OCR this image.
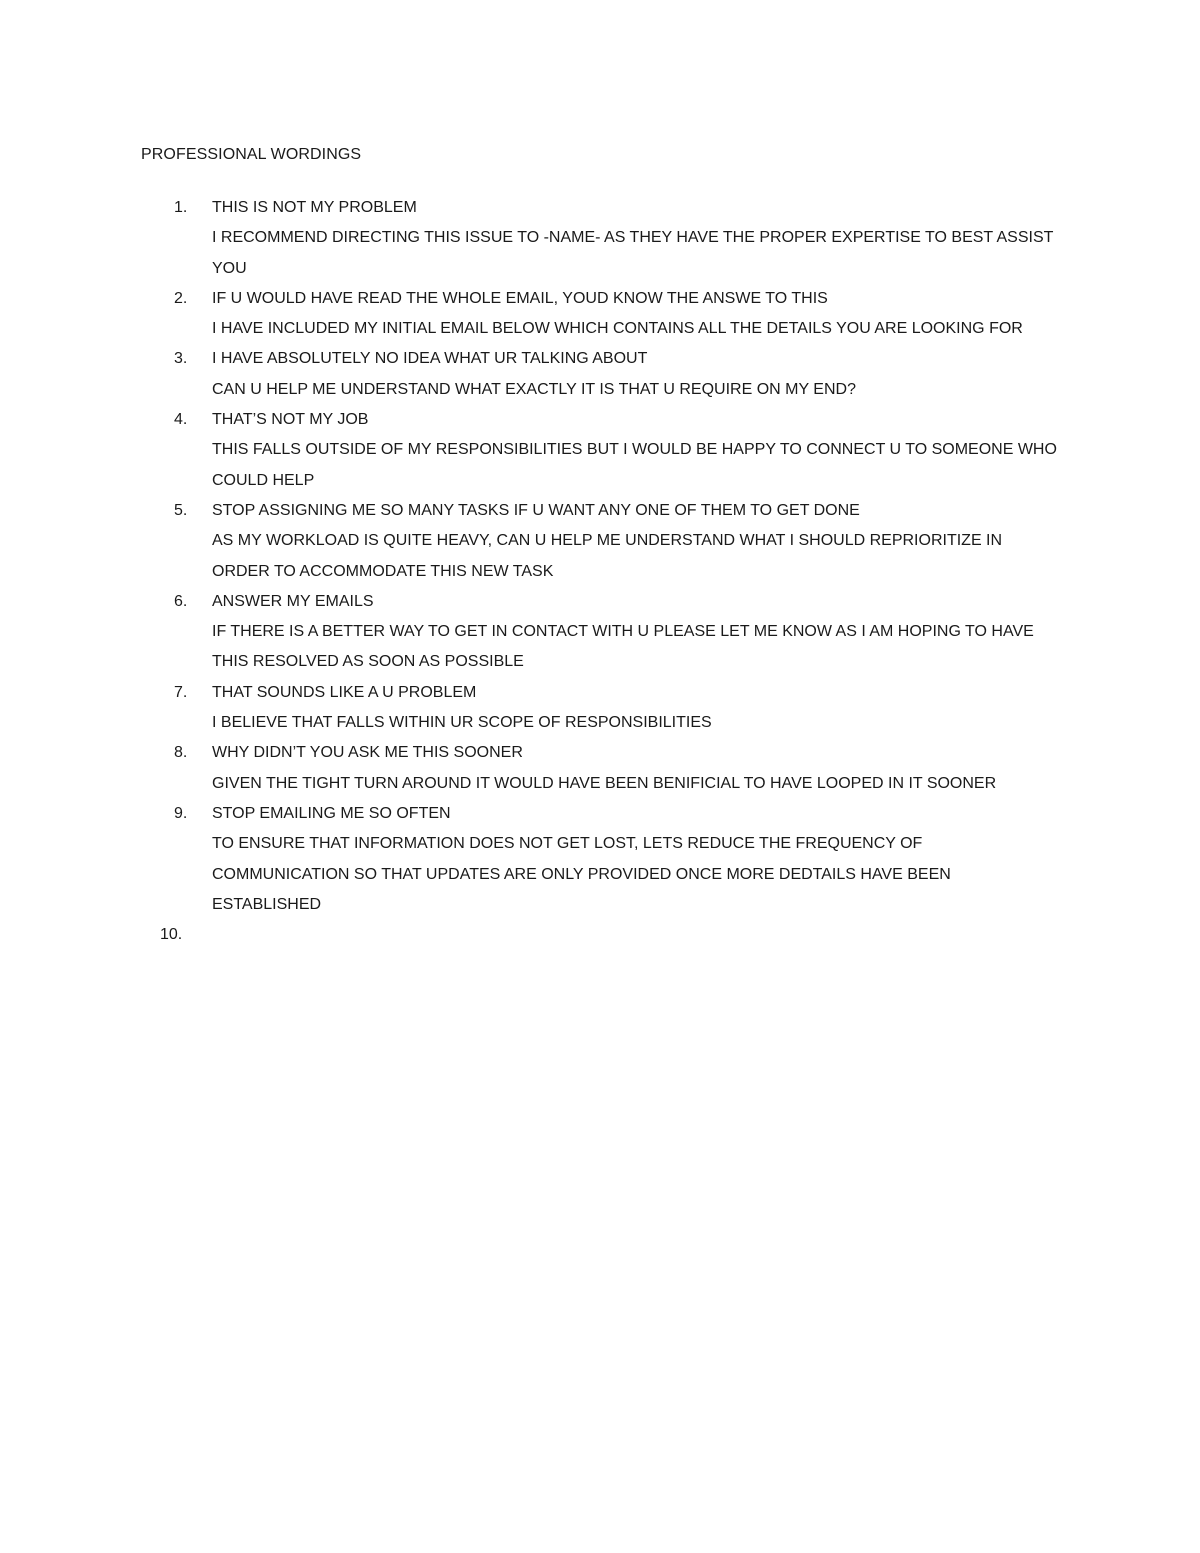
PROFESSIONAL WORDINGS
1. THIS IS NOT MY PROBLEM
I RECOMMEND DIRECTING THIS ISSUE TO -NAME- AS THEY HAVE THE PROPER EXPERTISE TO BEST ASSIST YOU
2. IF U WOULD HAVE READ THE WHOLE EMAIL, YOUD KNOW THE ANSWE TO THIS
I HAVE INCLUDED MY INITIAL EMAIL BELOW WHICH CONTAINS ALL THE DETAILS YOU ARE LOOKING FOR
3. I HAVE ABSOLUTELY NO IDEA WHAT UR TALKING ABOUT
CAN U HELP ME UNDERSTAND WHAT EXACTLY IT IS THAT U REQUIRE ON MY END?
4. THAT’S NOT MY JOB
THIS FALLS OUTSIDE OF MY RESPONSIBILITIES BUT I WOULD BE HAPPY TO CONNECT U TO SOMEONE WHO COULD HELP
5. STOP ASSIGNING ME SO MANY TASKS IF U WANT ANY ONE OF THEM TO GET DONE
AS MY WORKLOAD IS QUITE HEAVY, CAN U HELP ME UNDERSTAND WHAT I SHOULD REPRIORITIZE IN ORDER TO ACCOMMODATE THIS NEW TASK
6. ANSWER MY EMAILS
IF THERE IS A BETTER WAY TO GET IN CONTACT WITH U PLEASE LET ME KNOW AS I AM HOPING TO HAVE THIS RESOLVED AS SOON AS POSSIBLE
7. THAT SOUNDS LIKE A U PROBLEM
I BELIEVE THAT FALLS WITHIN UR SCOPE OF RESPONSIBILITIES
8. WHY DIDN’T YOU ASK ME THIS SOONER
GIVEN THE TIGHT TURN AROUND IT WOULD HAVE BEEN BENIFICIAL TO HAVE LOOPED IN IT SOONER
9. STOP EMAILING ME SO OFTEN
TO ENSURE THAT INFORMATION DOES NOT GET LOST, LETS REDUCE THE FREQUENCY OF COMMUNICATION SO THAT UPDATES ARE ONLY PROVIDED ONCE MORE DEDTAILS HAVE BEEN ESTABLISHED
10.
